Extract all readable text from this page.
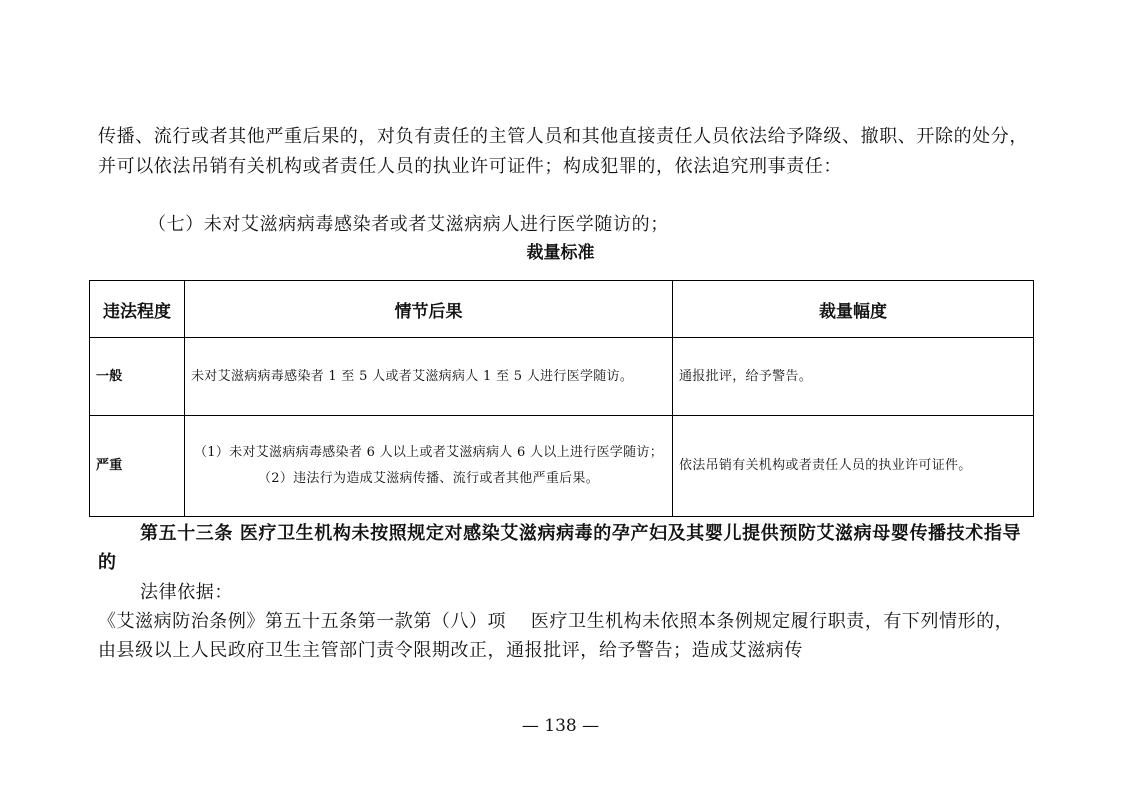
传播、流行或者其他严重后果的，对负有责任的主管人员和其他直接责任人员依法给予降级、撤职、开除的处分，并可以依法吊销有关机构或者责任人员的执业许可证件；构成犯罪的，依法追究刑事责任：

（七）未对艾滋病病毒感染者或者艾滋病病人进行医学随访的；

裁量标准
违法程度	情节后果	裁量幅度
一般	未对艾滋病病毒感染者 1 至 5 人或者艾滋病病人 1 至 5 人进行医学随访。	通报批评，给予警告。
严重	（1）未对艾滋病病毒感染者 6 人以上或者艾滋病病人 6 人以上进行医学随访；（2）违法行为造成艾滋病传播、流行或者其他严重后果。	依法吊销有关机构或者责任人员的执业许可证件。

第五十三条 医疗卫生机构未按照规定对感染艾滋病病毒的孕产妇及其婴儿提供预防艾滋病母婴传播技术指导的

法律依据：

《艾滋病防治条例》第五十五条第一款第（八）项　 医疗卫生机构未依照本条例规定履行职责，有下列情形的，由县级以上人民政府卫生主管部门责令限期改正，通报批评，给予警告；造成艾滋病传

— 138 —
